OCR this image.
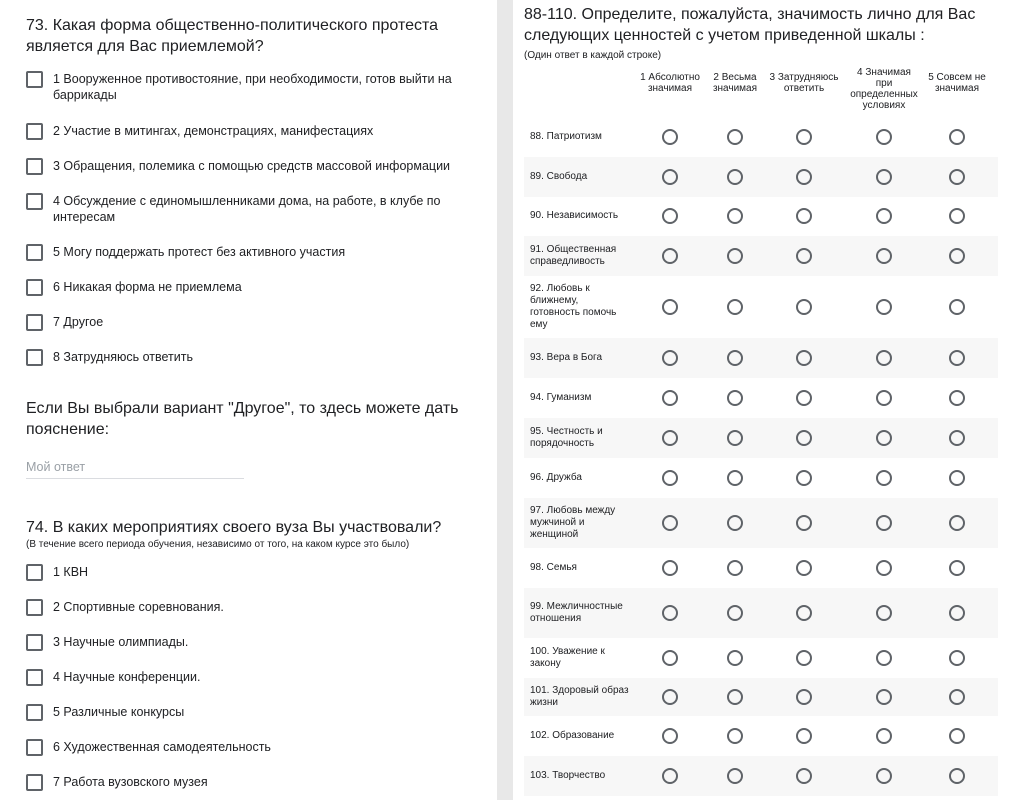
73. Какая форма общественно-политического протеста является для Вас приемлемой?
1 Вооруженное противостояние, при необходимости, готов выйти на баррикады
2 Участие в митингах, демонстрациях, манифестациях
3 Обращения, полемика с помощью средств массовой информации
4 Обсуждение с единомышленниками дома, на работе, в клубе по интересам
5 Могу поддержать протест без активного участия
6 Никакая форма не приемлема
7 Другое
8 Затрудняюсь ответить
Если Вы выбрали вариант "Другое", то здесь можете дать пояснение:
Мой ответ
74. В каких мероприятиях своего вуза Вы участвовали?
(В течение всего периода обучения, независимо от того, на каком курсе это было)
1 КВН
2 Спортивные соревнования.
3 Научные олимпиады.
4 Научные конференции.
5 Различные конкурсы
6 Художественная самодеятельность
7 Работа вузовского музея
88-110. Определите, пожалуйста, значимость лично для Вас следующих ценностей с учетом приведенной шкалы :
(Один ответ в каждой строке)
1 Абсолютно значимая
2 Весьма значимая
3 Затрудняюсь ответить
4 Значимая при определенных условиях
5 Совсем не значимая
88. Патриотизм
89. Свобода
90. Независимость
91. Общественная справедливость
92. Любовь к ближнему, готовность помочь ему
93. Вера в Бога
94. Гуманизм
95. Честность и порядочность
96. Дружба
97. Любовь между мужчиной и женщиной
98. Семья
99. Межличностные отношения
100. Уважение к закону
101. Здоровый образ жизни
102. Образование
103. Творчество
